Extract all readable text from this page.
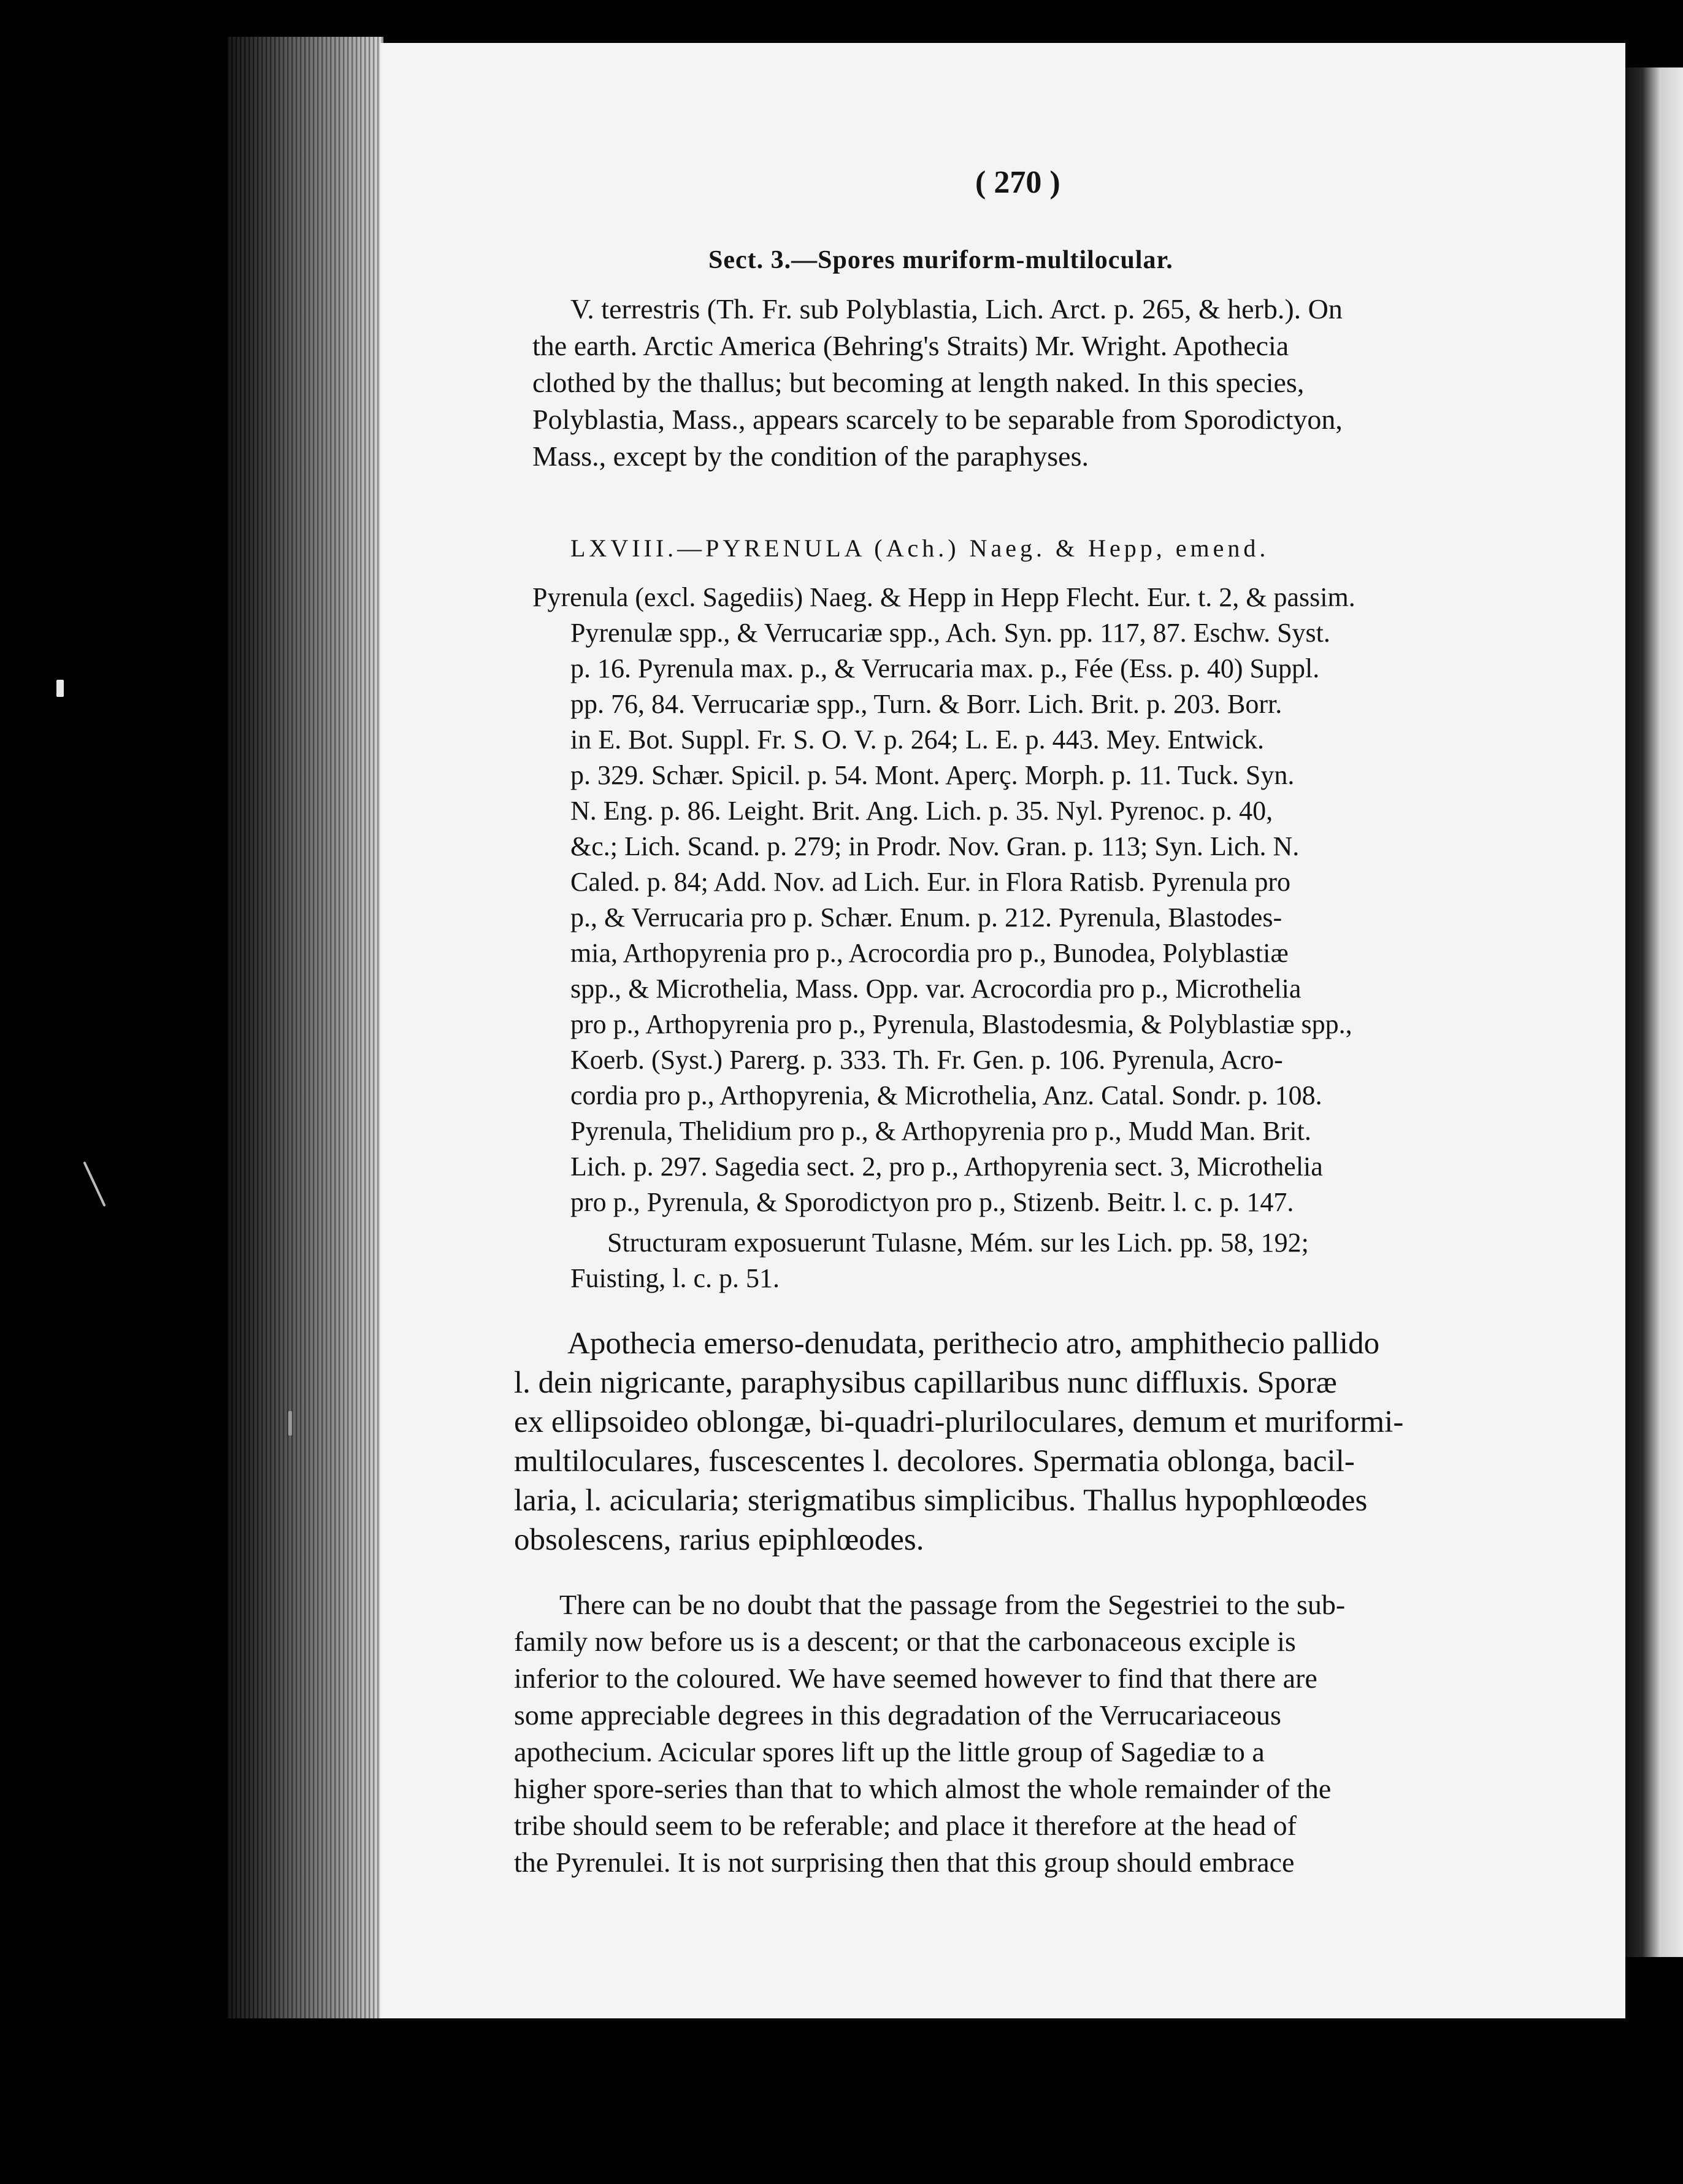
( 270 )

Sect. 3.—Spores muriform-multilocular.

V. terrestris (Th. Fr. sub Polyblastia, Lich. Arct. p. 265, & herb.). On

the earth. Arctic America (Behring's Straits) Mr. Wright. Apothecia

clothed by the thallus; but becoming at length naked. In this species,

Polyblastia, Mass., appears scarcely to be separable from Sporodictyon,

Mass., except by the condition of the paraphyses.

LXVIII.—PYRENULA (Ach.) Naeg. & Hepp, emend.

Pyrenula (excl. Sagediis) Naeg. & Hepp in Hepp Flecht. Eur. t. 2, & passim.

Pyrenulæ spp., & Verrucariæ spp., Ach. Syn. pp. 117, 87. Eschw. Syst.

p. 16. Pyrenula max. p., & Verrucaria max. p., Fée (Ess. p. 40) Suppl.

pp. 76, 84. Verrucariæ spp., Turn. & Borr. Lich. Brit. p. 203. Borr.

in E. Bot. Suppl. Fr. S. O. V. p. 264; L. E. p. 443. Mey. Entwick.

p. 329. Schær. Spicil. p. 54. Mont. Aperç. Morph. p. 11. Tuck. Syn.

N. Eng. p. 86. Leight. Brit. Ang. Lich. p. 35. Nyl. Pyrenoc. p. 40,

&c.; Lich. Scand. p. 279; in Prodr. Nov. Gran. p. 113; Syn. Lich. N.

Caled. p. 84; Add. Nov. ad Lich. Eur. in Flora Ratisb. Pyrenula pro

p., & Verrucaria pro p. Schær. Enum. p. 212. Pyrenula, Blastodes-

mia, Arthopyrenia pro p., Acrocordia pro p., Bunodea, Polyblastiæ

spp., & Microthelia, Mass. Opp. var. Acrocordia pro p., Microthelia

pro p., Arthopyrenia pro p., Pyrenula, Blastodesmia, & Polyblastiæ spp.,

Koerb. (Syst.) Parerg. p. 333. Th. Fr. Gen. p. 106. Pyrenula, Acro-

cordia pro p., Arthopyrenia, & Microthelia, Anz. Catal. Sondr. p. 108.

Pyrenula, Thelidium pro p., & Arthopyrenia pro p., Mudd Man. Brit.

Lich. p. 297. Sagedia sect. 2, pro p., Arthopyrenia sect. 3, Microthelia

pro p., Pyrenula, & Sporodictyon pro p., Stizenb. Beitr. l. c. p. 147.

Structuram exposuerunt Tulasne, Mém. sur les Lich. pp. 58, 192;

Fuisting, l. c. p. 51.

Apothecia emerso-denudata, perithecio atro, amphithecio pallido

l. dein nigricante, paraphysibus capillaribus nunc diffluxis. Sporæ

ex ellipsoideo oblongæ, bi-quadri-pluriloculares, demum et muriformi-

multiloculares, fuscescentes l. decolores. Spermatia oblonga, bacil-

laria, l. acicularia; sterigmatibus simplicibus. Thallus hypophlœodes

obsolescens, rarius epiphlœodes.

There can be no doubt that the passage from the Segestriei to the sub-

family now before us is a descent; or that the carbonaceous exciple is

inferior to the coloured. We have seemed however to find that there are

some appreciable degrees in this degradation of the Verrucariaceous

apothecium. Acicular spores lift up the little group of Sagediæ to a

higher spore-series than that to which almost the whole remainder of the

tribe should seem to be referable; and place it therefore at the head of

the Pyrenulei. It is not surprising then that this group should embrace
